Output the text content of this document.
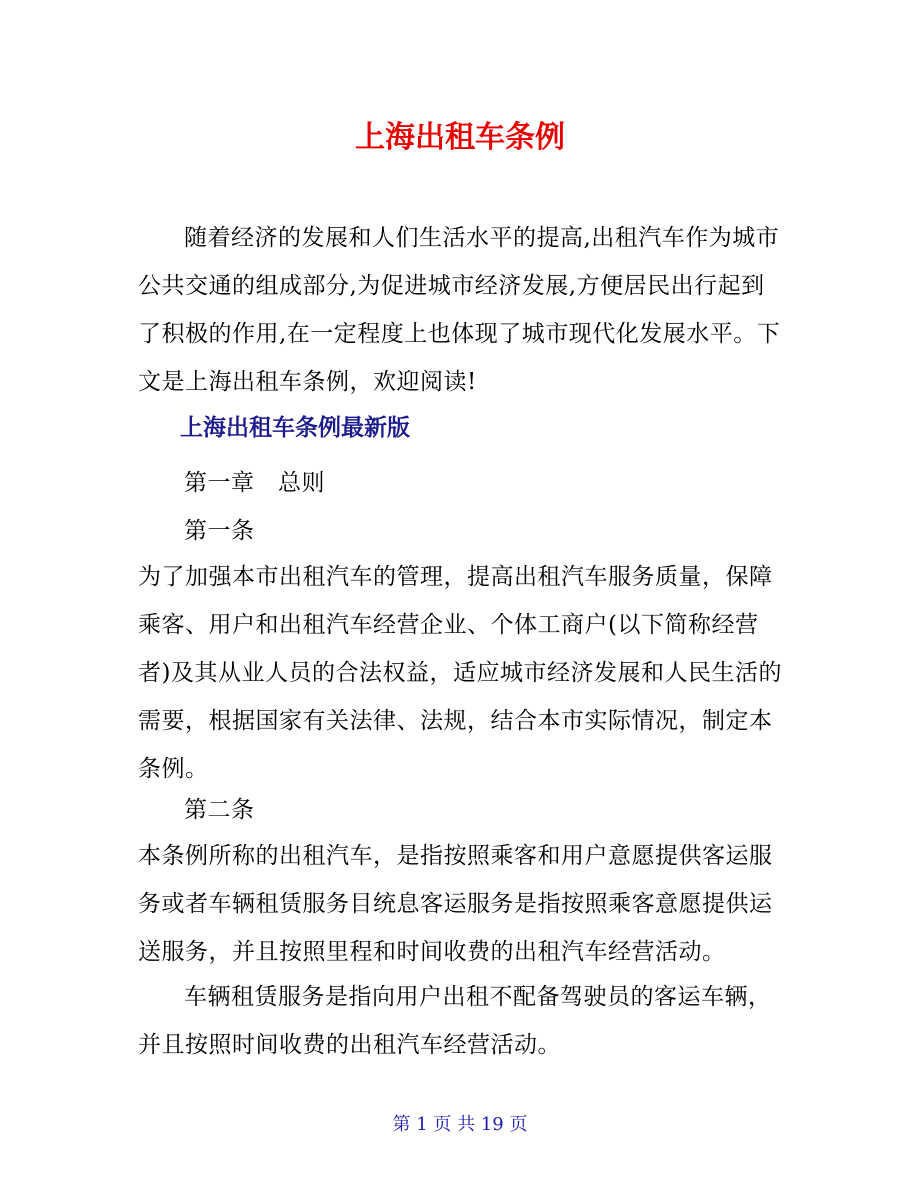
上海出租车条例

随着经济的发展和人们生活水平的提高,出租汽车作为城市公共交通的组成部分,为促进城市经济发展,方便居民出行起到了积极的作用,在一定程度上也体现了城市现代化发展水平。下文是上海出租车条例，欢迎阅读!

上海出租车条例最新版

第一章　总则

第一条

为了加强本市出租汽车的管理，提高出租汽车服务质量，保障乘客、用户和出租汽车经营企业、个体工商户(以下简称经营者)及其从业人员的合法权益，适应城市经济发展和人民生活的需要，根据国家有关法律、法规，结合本市实际情况，制定本条例。

第二条

本条例所称的出租汽车，是指按照乘客和用户意愿提供客运服务或者车辆租赁服务目统息客运服务是指按照乘客意愿提供运送服务，并且按照里程和时间收费的出租汽车经营活动。

车辆租赁服务是指向用户出租不配备驾驶员的客运车辆，并且按照时间收费的出租汽车经营活动。

第 1 页 共 19 页
